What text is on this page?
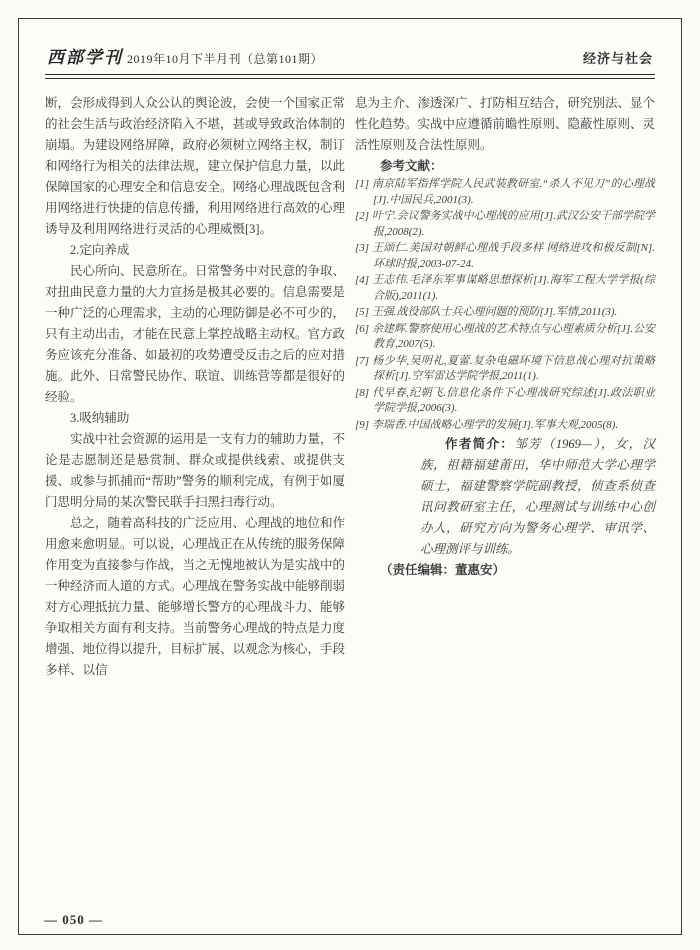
西部学刊 2019年10月下半月刊（总第101期）	经济与社会

断，会形成得到人众公认的舆论波，会使一个国家正常的社会生活与政治经济陷入不堪，甚或导致政治体制的崩塌。为建设网络屏障，政府必须树立网络主权，制订和网络行为相关的法律法规，建立保护信息力量，以此保障国家的心理安全和信息安全。网络心理战既包含利用网络进行快捷的信息传播，利用网络进行高效的心理诱导及利用网络进行灵活的心理威慑[3]。

2.定向养成

民心所向、民意所在。日常警务中对民意的争取、对扭曲民意力量的大力宣扬是极其必要的。信息需要是一种广泛的心理需求，主动的心理防御是必不可少的，只有主动出击，才能在民意上掌控战略主动权。官方政务应该充分准备、如最初的攻势遭受反击之后的应对措施。此外、日常警民协作、联谊、训练营等都是很好的经验。

3.吸纳辅助

实战中社会资源的运用是一支有力的辅助力量，不论是志愿制还是悬赏制、群众或提供线索、或提供支援、或参与抓捕而“帮助”警务的顺利完成，有例于如厦门思明分局的某次警民联手扫黑扫毒行动。

总之，随着高科技的广泛应用、心理战的地位和作用愈来愈明显。可以说，心理战正在从传统的服务保障作用变为直接参与作战，当之无愧地被认为是实战中的一种经济而人道的方式。心理战在警务实战中能够削弱对方心理抵抗力量、能够增长警方的心理战斗力、能够争取相关方面有利支持。当前警务心理战的特点是力度增强、地位得以提升，目标扩展、以观念为核心，手段多样、以信

息为主介、渗透深广、打防相互结合，研究别法、显个性化趋势。实战中应遵循前瞻性原则、隐蔽性原则、灵活性原则及合法性原则。

参考文献：

[1] 南京陆军指挥学院人民武装教研室.“杀人不见刀”的心理战[J].中国民兵,2001(3).
[2] 叶宁.会议警务实战中心理战的应用[J].武汉公安干部学院学报,2008(2).
[3] 王颂仁.美国对朝鲜心理战手段多样 网络进攻和极反制[N].环球时报,2003-07-24.
[4] 王志伟.毛泽东军事谋略思想探析[J].海军工程大学学报(综合版),2011(1).
[5] 王强.战役部队士兵心理问题的预防[J].军情,2011(3).
[6] 余建辉.警察使用心理战的艺术特点与心理素质分析[J].公安教育,2007(5).
[7] 杨少华,吴明礼,夏蕾.复杂电磁环境下信息战心理对抗策略探析[J].空军雷达学院学报,2011(1).
[8] 代早春,纪朝飞.信息化条件下心理战研究综述[J].政法职业学院学报,2006(3).
[9] 李瑞香.中国战略心理学的发展[J].军事大观,2005(8).

作者简介：邹芳（1969—），女，汉族，祖籍福建莆田，华中师范大学心理学硕士，福建警察学院副教授，侦查系侦查讯问教研室主任，心理测试与训练中心创办人，研究方向为警务心理学、审讯学、心理测评与训练。

（责任编辑：董惠安）

— 050 —
